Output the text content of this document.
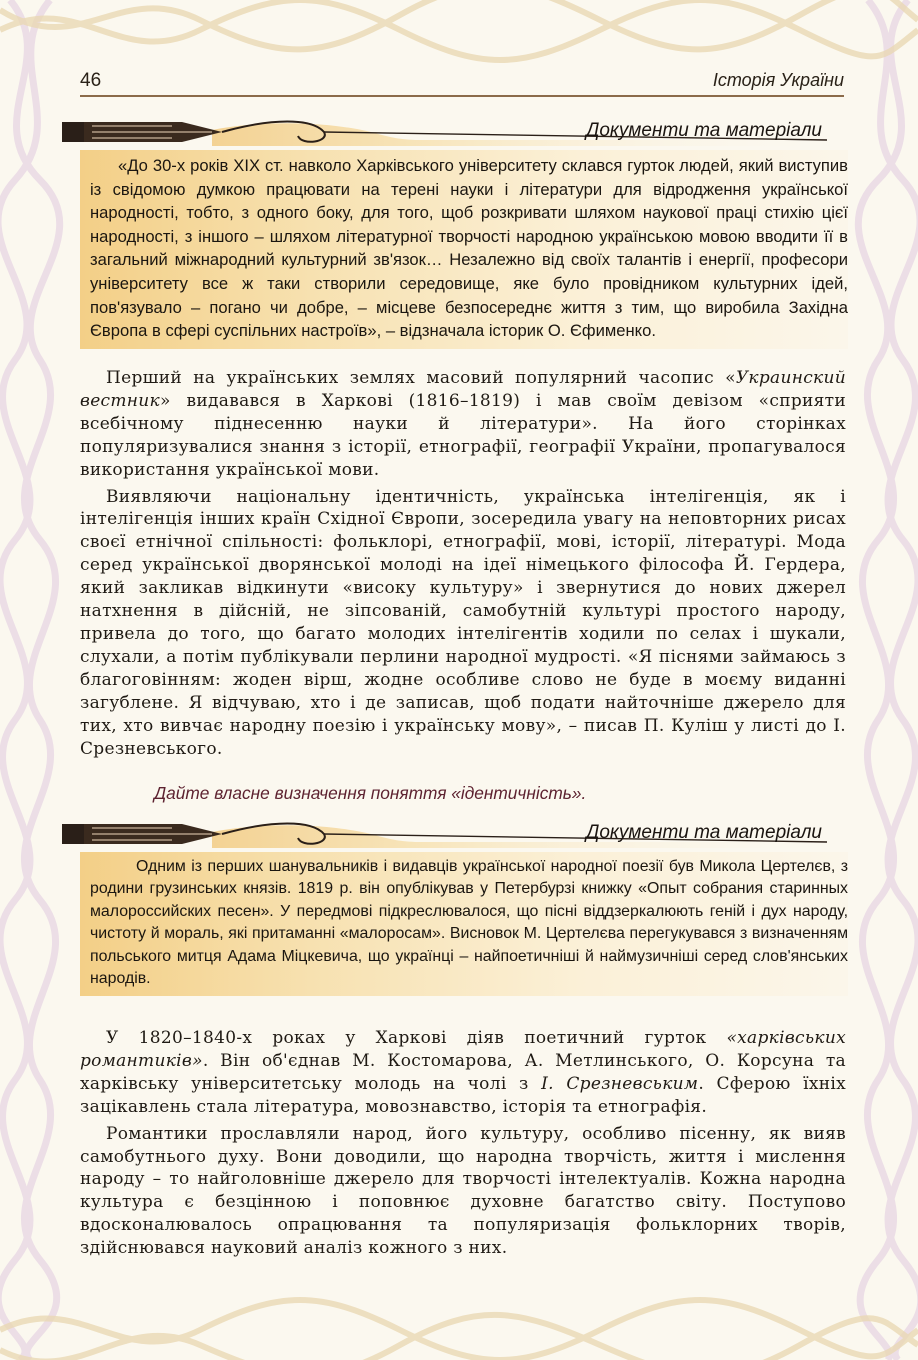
46	Історія України
Документи та матеріали
«До 30-х років XIX ст. навколо Харківського університету склався гурток людей, який виступив із свідомою думкою працювати на терені науки і літератури для відродження української народності, тобто, з одного боку, для того, щоб розкривати шляхом наукової праці стихію цієї народності, з іншого – шляхом літературної творчості народною українською мовою вводити її в загальний міжнародний культурний зв'язок… Незалежно від своїх талантів і енергії, професори університету все ж таки створили середовище, яке було провідником культурних ідей, пов'язувало – погано чи добре, – місцеве безпосереднє життя з тим, що виробила Західна Європа в сфері суспільних настроїв», – відзначала історик О. Єфименко.

Перший на українських землях масовий популярний часопис «Украинский вестник» видавався в Харкові (1816–1819) і мав своїм девізом «сприяти всебічному піднесенню науки й літератури». На його сторінках популяризувалися знання з історії, етнографії, географії України, пропагувалося використання української мови.

Виявляючи національну ідентичність, українська інтелігенція, як і інтелігенція інших країн Східної Європи, зосередила увагу на неповторних рисах своєї етнічної спільності: фольклорі, етнографії, мові, історії, літературі. Мода серед української дворянської молоді на ідеї німецького філософа Й. Гердера, який закликав відкинути «високу культуру» і звернутися до нових джерел натхнення в дійсній, не зіпсованій, самобутній культурі простого народу, привела до того, що багато молодих інтелігентів ходили по селах і шукали, слухали, а потім публікували перлини народної мудрості. «Я піснями займаюсь з благоговінням: жоден вірш, жодне особливе слово не буде в моєму виданні загублене. Я відчуваю, хто і де записав, щоб подати найточніше джерело для тих, хто вивчає народну поезію і українську мову», – писав П. Куліш у листі до І. Срезневського.

Дайте власне визначення поняття «ідентичність».
Документи та матеріали
Одним із перших шанувальників і видавців української народної поезії був Микола Цертелєв, з родини грузинських князів. 1819 р. він опублікував у Петербурзі книжку «Опыт собрания старинных малороссийских песен». У передмові підкреслювалося, що пісні віддзеркалюють геній і дух народу, чистоту й мораль, які притаманні «малоросам». Висновок М. Цертелєва перегукувався з визначенням польського митця Адама Міцкевича, що українці – найпоетичніші й наймузичніші серед слов'янських народів.

У 1820–1840-х роках у Харкові діяв поетичний гурток «харківських романтиків». Він об'єднав М. Костомарова, А. Метлинського, О. Корсуна та харківську університетську молодь на чолі з І. Срезневським. Сферою їхніх зацікавлень стала література, мовознавство, історія та етнографія.

Романтики прославляли народ, його культуру, особливо пісенну, як вияв самобутнього духу. Вони доводили, що народна творчість, життя і мислення народу – то найголовніше джерело для творчості інтелектуалів. Кожна народна культура є безцінною і поповнює духовне багатство світу. Поступово вдосконалювалось опрацювання та популяризація фольклорних творів, здійснювався науковий аналіз кожного з них.
